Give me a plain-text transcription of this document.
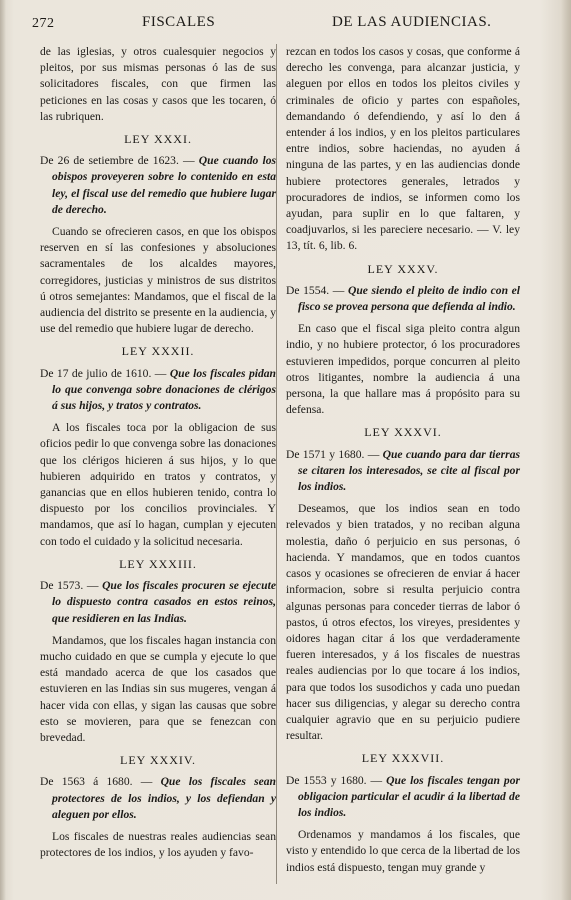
272	FISCALES	DE LAS AUDIENCIAS.

de las iglesias, y otros cualesquier negocios y pleitos, por sus mismas personas ó las de sus solicitadores fiscales, con que firmen las peticiones en las cosas y casos que les tocaren, ó las rubriquen.

LEY XXXI.

De 26 de setiembre de 1623. — Que cuando los obispos proveyeren sobre lo contenido en esta ley, el fiscal use del remedio que hubiere lugar de derecho.

Cuando se ofrecieren casos, en que los obispos reserven en sí las confesiones y absoluciones sacramentales de los alcaldes mayores, corregidores, justicias y ministros de sus distritos ú otros semejantes: Mandamos, que el fiscal de la audiencia del distrito se presente en la audiencia, y use del remedio que hubiere lugar de derecho.

LEY XXXII.

De 17 de julio de 1610. — Que los fiscales pidan lo que convenga sobre donaciones de clérigos á sus hijos, y tratos y contratos.

A los fiscales toca por la obligacion de sus oficios pedir lo que convenga sobre las donaciones que los clérigos hicieren á sus hijos, y lo que hubieren adquirido en tratos y contratos, y ganancias que en ellos hubieren tenido, contra lo dispuesto por los concilios provinciales. Y mandamos, que así lo hagan, cumplan y ejecuten con todo el cuidado y la solicitud necesaria.

LEY XXXIII.

De 1573. — Que los fiscales procuren se ejecute lo dispuesto contra casados en estos reinos, que residieren en las Indias.

Mandamos, que los fiscales hagan instancia con mucho cuidado en que se cumpla y ejecute lo que está mandado acerca de que los casados que estuvieren en las Indias sin sus mugeres, vengan á hacer vida con ellas, y sigan las causas que sobre esto se movieren, para que se fenezcan con brevedad.

LEY XXXIV.

De 1563 á 1680. — Que los fiscales sean protectores de los indios, y los defiendan y aleguen por ellos.

Los fiscales de nuestras reales audiencias sean protectores de los indios, y los ayuden y favo-

rezcan en todos los casos y cosas, que conforme á derecho les convenga, para alcanzar justicia, y aleguen por ellos en todos los pleitos civiles y criminales de oficio y partes con españoles, demandando ó defendiendo, y así lo den á entender á los indios, y en los pleitos particulares entre indios, sobre haciendas, no ayuden á ninguna de las partes, y en las audiencias donde hubiere protectores generales, letrados y procuradores de indios, se informen como los ayudan, para suplir en lo que faltaren, y coadjuvarlos, si les pareciere necesario. — V. ley 13, tít. 6, lib. 6.

LEY XXXV.

De 1554. — Que siendo el pleito de indio con el fisco se provea persona que defienda al indio.

En caso que el fiscal siga pleito contra algun indio, y no hubiere protector, ó los procuradores estuvieren impedidos, porque concurren al pleito otros litigantes, nombre la audiencia á una persona, la que hallare mas á propósito para su defensa.

LEY XXXVI.

De 1571 y 1680. — Que cuando para dar tierras se citaren los interesados, se cite al fiscal por los indios.

Deseamos, que los indios sean en todo relevados y bien tratados, y no reciban alguna molestia, daño ó perjuicio en sus personas, ó hacienda. Y mandamos, que en todos cuantos casos y ocasiones se ofrecieren de enviar á hacer informacion, sobre si resulta perjuicio contra algunas personas para conceder tierras de labor ó pastos, ú otros efectos, los vireyes, presidentes y oidores hagan citar á los que verdaderamente fueren interesados, y á los fiscales de nuestras reales audiencias por lo que tocare á los indios, para que todos los susodichos y cada uno puedan hacer sus diligencias, y alegar su derecho contra cualquier agravio que en su perjuicio pudiere resultar.

LEY XXXVII.

De 1553 y 1680. — Que los fiscales tengan por obligacion particular el acudir á la libertad de los indios.

Ordenamos y mandamos á los fiscales, que visto y entendido lo que cerca de la libertad de los indios está dispuesto, tengan muy grande y
